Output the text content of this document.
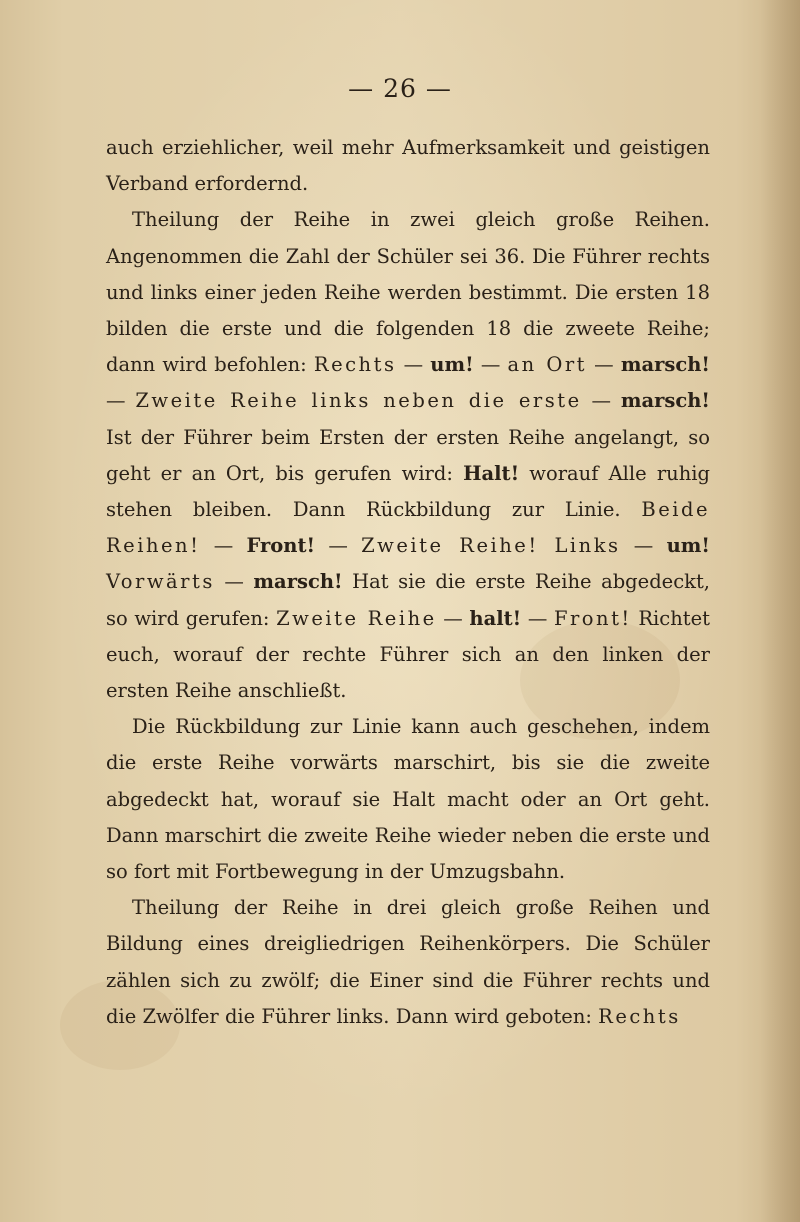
— 26 —

auch erziehlicher, weil mehr Aufmerksamkeit und geistigen Verband erfordernd.

Theilung der Reihe in zwei gleich große Reihen. Angenommen die Zahl der Schüler sei 36. Die Führer rechts und links einer jeden Reihe werden bestimmt. Die ersten 18 bilden die erste und die folgenden 18 die zweete Reihe; dann wird befohlen: Rechts — um! — an Ort — marsch! — Zweite Reihe links neben die erste — marsch! Ist der Führer beim Ersten der ersten Reihe angelangt, so geht er an Ort, bis gerufen wird: Halt! worauf Alle ruhig stehen bleiben. Dann Rückbildung zur Linie. Beide Reihen! — Front! — Zweite Reihe! Links — um! Vorwärts — marsch! Hat sie die erste Reihe abgedeckt, so wird gerufen: Zweite Reihe — halt! — Front! Richtet euch, worauf der rechte Führer sich an den linken der ersten Reihe anschließt.

Die Rückbildung zur Linie kann auch geschehen, indem die erste Reihe vorwärts marschirt, bis sie die zweite abgedeckt hat, worauf sie Halt macht oder an Ort geht. Dann marschirt die zweite Reihe wieder neben die erste und so fort mit Fortbewegung in der Umzugsbahn.

Theilung der Reihe in drei gleich große Reihen und Bildung eines dreigliedrigen Reihenkörpers. Die Schüler zählen sich zu zwölf; die Einer sind die Führer rechts und die Zwölfer die Führer links. Dann wird geboten: Rechts
